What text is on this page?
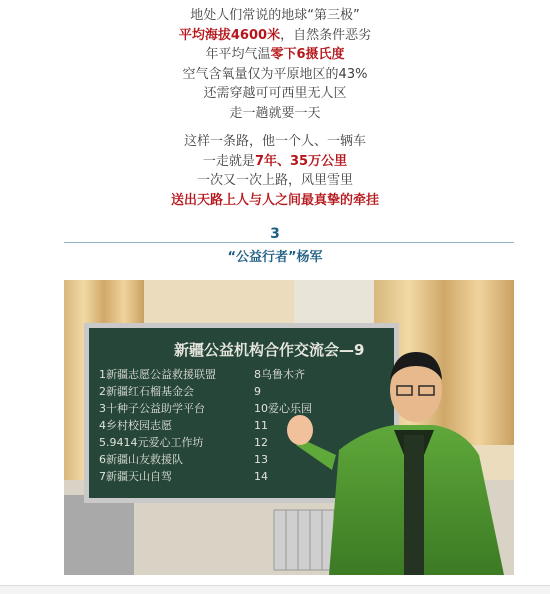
地处人们常说的地球“第三极”
平均海拔4600米，自然条件恶劣
年平均气温零下6摄氏度
空气含氧量仅为平原地区的43%
还需穿越可可西里无人区
走一趟就要一天
这样一条路，他一个人、一辆车
一走就是7年、35万公里
一次又一次上路，风里雪里
送出天路上人与人之间最真挚的牵挂
3
“公益行者”杨军
新疆公益机构合作交流会—9
1新疆志愿公益救援联盟
2新疆红石榴基金会
3十种子公益助学平台
4乡村校园志愿
5.9414元爱心工作坊
6新疆山友救援队
7新疆天山自驾
8乌鲁木齐
9
10爱心乐园
11
12
13
14
